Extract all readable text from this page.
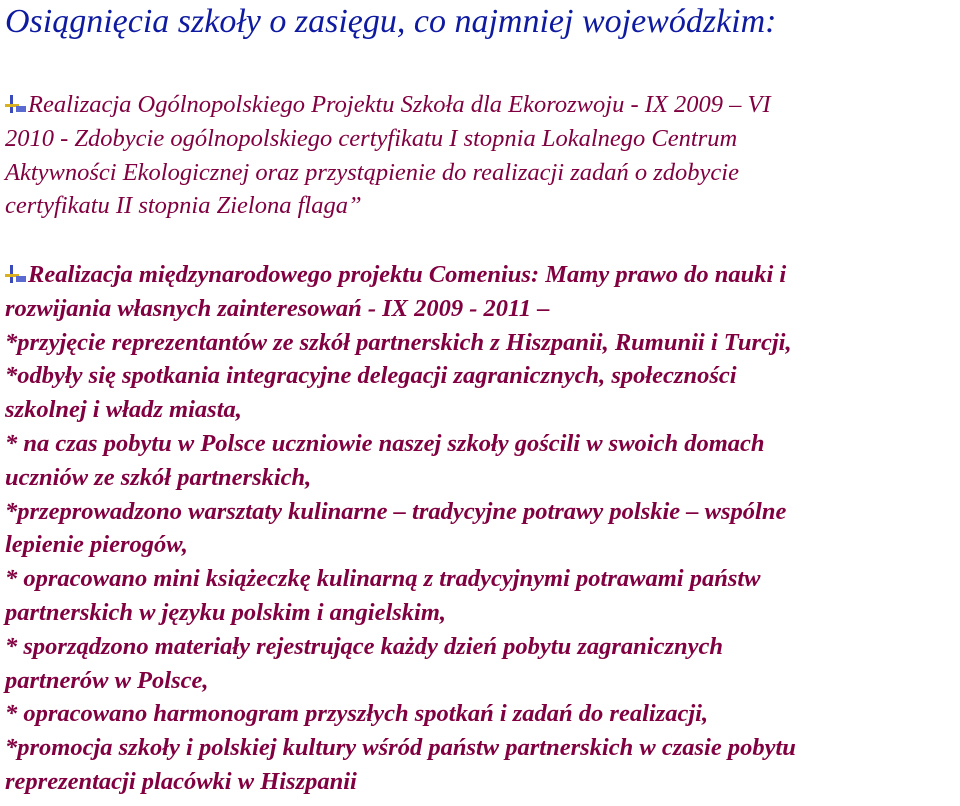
Osiągnięcia szkoły o zasięgu, co najmniej wojewódzkim:
Realizacja Ogólnopolskiego Projektu Szkoła dla Ekorozwoju - IX 2009 – VI
2010 - Zdobycie ogólnopolskiego certyfikatu I stopnia Lokalnego Centrum
Aktywności Ekologicznej oraz przystąpienie do realizacji zadań o zdobycie
certyfikatu II stopnia Zielona flaga”
Realizacja międzynarodowego projektu Comenius: Mamy prawo do nauki i
rozwijania własnych zainteresowań - IX 2009 - 2011 –
*przyjęcie reprezentantów ze szkół partnerskich z Hiszpanii, Rumunii i Turcji,
*odbyły się spotkania integracyjne delegacji zagranicznych, społeczności
szkolnej i władz miasta,
* na czas pobytu w Polsce uczniowie naszej szkoły gościli w swoich domach
uczniów ze szkół partnerskich,
*przeprowadzono warsztaty kulinarne – tradycyjne potrawy polskie – wspólne
lepienie pierogów,
* opracowano mini książeczkę kulinarną z tradycyjnymi potrawami państw
partnerskich w języku polskim i angielskim,
* sporządzono materiały rejestrujące każdy dzień pobytu zagranicznych
partnerów w Polsce,
* opracowano harmonogram przyszłych spotkań i zadań do realizacji,
*promocja szkoły i polskiej kultury wśród państw partnerskich w czasie pobytu
reprezentacji placówki w Hiszpanii
